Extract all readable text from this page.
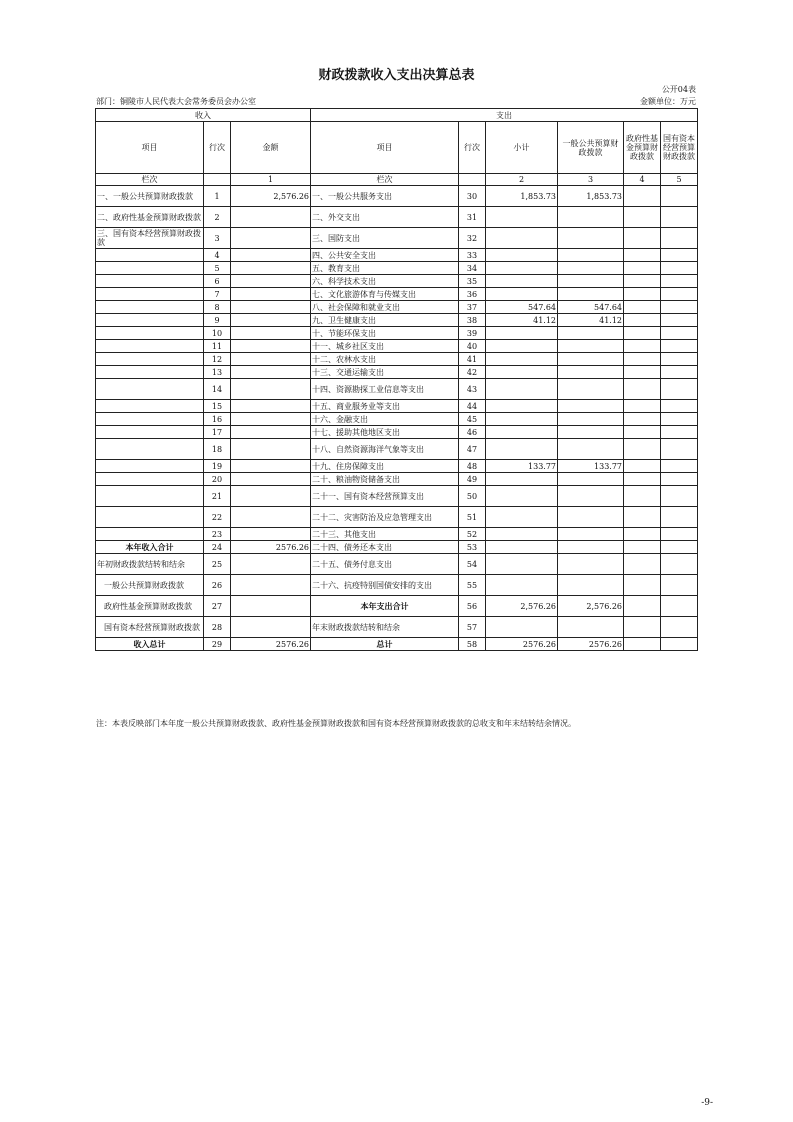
财政拨款收入支出决算总表
公开04表
部门：铜陵市人民代表大会常务委员会办公室	金额单位：万元
收入			支出					
项目	行次	金额	项目	行次	小计	一般公共预算财政拨款	政府性基金预算财政拨款	国有资本经营预算财政拨款
栏次		1	栏次		2	3	4	5
一、一般公共预算财政拨款	1	2,576.26	一、一般公共服务支出	30	1,853.73	1,853.73		
二、政府性基金预算财政拨款	2		二、外交支出	31				
三、国有资本经营预算财政拨款	3		三、国防支出	32				
	4		四、公共安全支出	33				
	5		五、教育支出	34				
	6		六、科学技术支出	35				
	7		七、文化旅游体育与传媒支出	36				
	8		八、社会保障和就业支出	37	547.64	547.64		
	9		九、卫生健康支出	38	41.12	41.12		
	10		十、节能环保支出	39				
	11		十一、城乡社区支出	40				
	12		十二、农林水支出	41				
	13		十三、交通运输支出	42				
	14		十四、资源勘探工业信息等支出	43				
	15		十五、商业服务业等支出	44				
	16		十六、金融支出	45				
	17		十七、援助其他地区支出	46				
	18		十八、自然资源海洋气象等支出	47				
	19		十九、住房保障支出	48	133.77	133.77		
	20		二十、粮油物资储备支出	49				
	21		二十一、国有资本经营预算支出	50				
	22		二十二、灾害防治及应急管理支出	51				
	23		二十三、其他支出	52				
本年收入合计	24	2576.26	二十四、债务还本支出	53				
年初财政拨款结转和结余	25		二十五、债务付息支出	54				
一般公共预算财政拨款	26		二十六、抗疫特别国债安排的支出	55				
政府性基金预算财政拨款	27		本年支出合计	56	2,576.26	2,576.26		
国有资本经营预算财政拨款	28		年末财政拨款结转和结余	57				
收入总计	29	2576.26	总计	58	2576.26	2576.26		
注：本表反映部门本年度一般公共预算财政拨款、政府性基金预算财政拨款和国有资本经营预算财政拨款的总收支和年末结转结余情况。
-9-
